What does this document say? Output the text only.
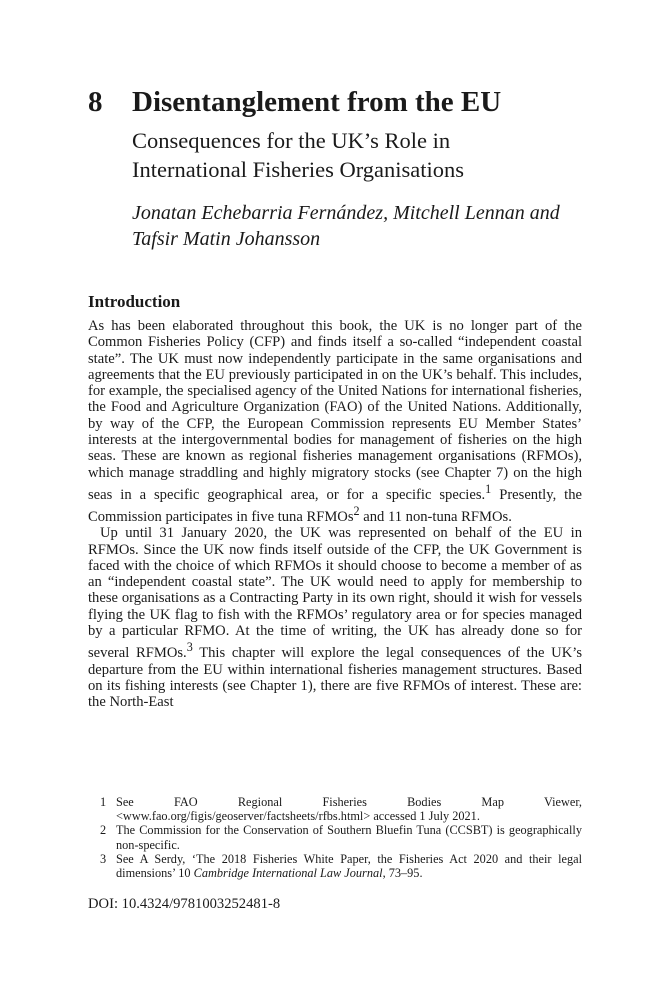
8 Disentanglement from the EU
Consequences for the UK’s Role in
International Fisheries Organisations
Jonatan Echebarria Fernández, Mitchell Lennan and
Tafsir Matin Johansson
Introduction

As has been elaborated throughout this book, the UK is no longer part of the Common Fisheries Policy (CFP) and finds itself a so-called “independent coastal state”. The UK must now independently participate in the same organisations and agreements that the EU previously participated in on the UK’s behalf. This includes, for example, the specialised agency of the United Nations for international fisheries, the Food and Agriculture Organization (FAO) of the United Nations. Additionally, by way of the CFP, the European Commission represents EU Member States’ interests at the intergovernmental bodies for management of fisheries on the high seas. These are known as regional fisheries management organisations (RFMOs), which manage straddling and highly migratory stocks (see Chapter 7) on the high seas in a specific geographical area, or for a specific species.$^1$ Presently, the Commission participates in five tuna RFMOs$^2$ and 11 non-tuna RFMOs.

Up until 31 January 2020, the UK was represented on behalf of the EU in RFMOs. Since the UK now finds itself outside of the CFP, the UK Government is faced with the choice of which RFMOs it should choose to become a member of as an “independent coastal state”. The UK would need to apply for membership to these organisations as a Contracting Party in its own right, should it wish for vessels flying the UK flag to fish with the RFMOs’ regulatory area or for species managed by a particular RFMO. At the time of writing, the UK has already done so for several RFMOs.$^3$ This chapter will explore the legal consequences of the UK’s departure from the EU within international fisheries management structures. Based on its fishing interests (see Chapter 1), there are five RFMOs of interest. These are: the North-East

1 See FAO Regional Fisheries Bodies Map Viewer, <www.fao.org/figis/geoserver/factsheets/rfbs.html> accessed 1 July 2021.
2 The Commission for the Conservation of Southern Bluefin Tuna (CCSBT) is geographically non-specific.
3 See A Serdy, ‘The 2018 Fisheries White Paper, the Fisheries Act 2020 and their legal dimensions’ 10 Cambridge International Law Journal, 73–95.
DOI: 10.4324/9781003252481-8
